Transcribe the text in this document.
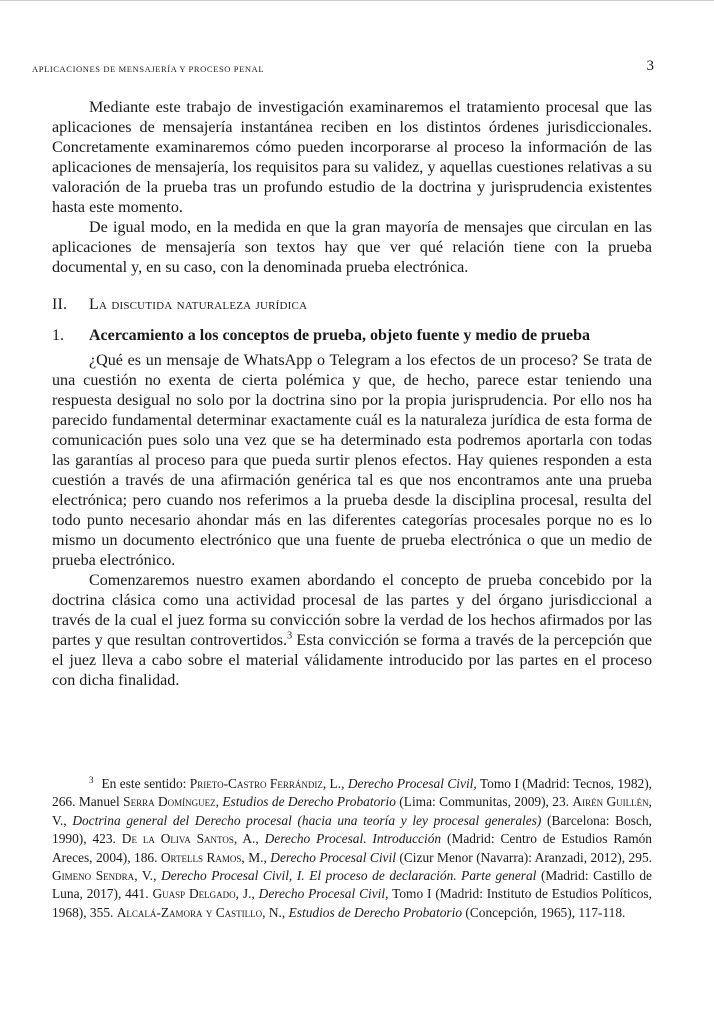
APLICACIONES DE MENSAJERÍA Y PROCESO PENAL	3

Mediante este trabajo de investigación examinaremos el tratamiento procesal que las aplicaciones de mensajería instantánea reciben en los distintos órdenes jurisdiccionales. Concretamente examinaremos cómo pueden incorporarse al proceso la información de las aplicaciones de mensajería, los requisitos para su validez, y aquellas cuestiones relativas a su valoración de la prueba tras un profundo estudio de la doctrina y jurisprudencia existentes hasta este momento.

De igual modo, en la medida en que la gran mayoría de mensajes que circulan en las aplicaciones de mensajería son textos hay que ver qué relación tiene con la prueba documental y, en su caso, con la denominada prueba electrónica.

II. La discutida naturaleza jurídica
1. Acercamiento a los conceptos de prueba, objeto fuente y medio de prueba

¿Qué es un mensaje de WhatsApp o Telegram a los efectos de un proceso? Se trata de una cuestión no exenta de cierta polémica y que, de hecho, parece estar teniendo una respuesta desigual no solo por la doctrina sino por la propia jurisprudencia. Por ello nos ha parecido fundamental determinar exactamente cuál es la naturaleza jurídica de esta forma de comunicación pues solo una vez que se ha determinado esta podremos aportarla con todas las garantías al proceso para que pueda surtir plenos efectos. Hay quienes responden a esta cuestión a través de una afirmación genérica tal es que nos encontramos ante una prueba electrónica; pero cuando nos referimos a la prueba desde la disciplina procesal, resulta del todo punto necesario ahondar más en las diferentes categorías procesales porque no es lo mismo un documento electrónico que una fuente de prueba electrónica o que un medio de prueba electrónico.

Comenzaremos nuestro examen abordando el concepto de prueba concebido por la doctrina clásica como una actividad procesal de las partes y del órgano jurisdiccional a través de la cual el juez forma su convicción sobre la verdad de los hechos afirmados por las partes y que resultan controvertidos.$^3$ Esta convicción se forma a través de la percepción que el juez lleva a cabo sobre el material válidamente introducido por las partes en el proceso con dicha finalidad.

$^3$ En este sentido: Prieto-Castro Ferrándiz, L., Derecho Procesal Civil, Tomo I (Madrid: Tecnos, 1982), 266. Manuel Serra Domínguez, Estudios de Derecho Probatorio (Lima: Communitas, 2009), 23. Airén Guillén, V., Doctrina general del Derecho procesal (hacia una teoría y ley procesal generales) (Barcelona: Bosch, 1990), 423. De la Oliva Santos, A., Derecho Procesal. Introducción (Madrid: Centro de Estudios Ramón Areces, 2004), 186. Ortells Ramos, M., Derecho Procesal Civil (Cizur Menor (Navarra): Aranzadi, 2012), 295. Gimeno Sendra, V., Derecho Procesal Civil, I. El proceso de declaración. Parte general (Madrid: Castillo de Luna, 2017), 441. Guasp Delgado, J., Derecho Procesal Civil, Tomo I (Madrid: Instituto de Estudios Políticos, 1968), 355. Alcalá-Zamora y Castillo, N., Estudios de Derecho Probatorio (Concepción, 1965), 117-118.
